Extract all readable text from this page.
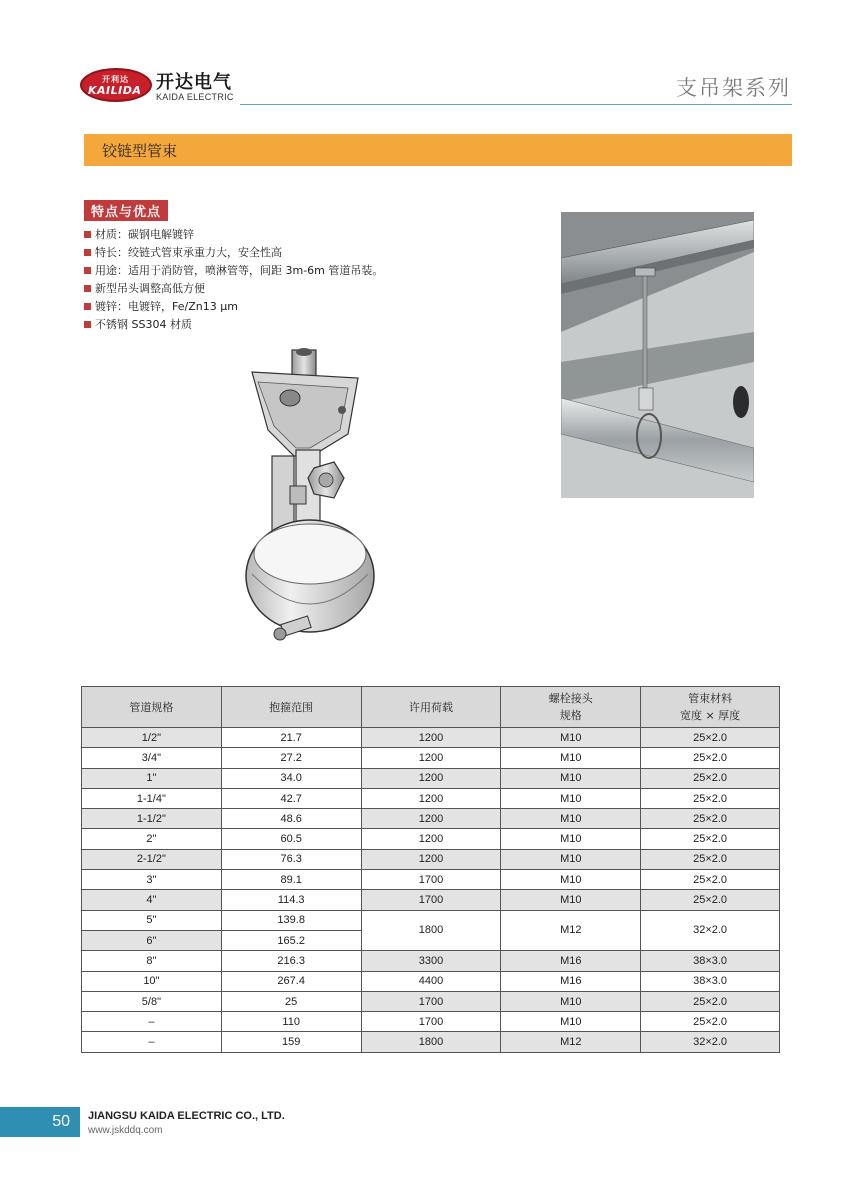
开利达
KAILIDA 开达电气
KAIDA ELECTRIC	支吊架系列
铰链型管束
特点与优点
材质：碳钢电解镀锌
特长：绞链式管束承重力大，安全性高
用途：适用于消防管，喷淋管等，间距 3m-6m 管道吊装。
新型吊头调整高低方便
镀锌：电镀锌，Fe/Zn13 μm
不锈钢 SS304 材质
管道规格	抱箍范围	许用荷载	螺栓接头
规格	管束材料
宽度 × 厚度
1/2"	21.7	1200	M10	25×2.0
3/4"	27.2	1200	M10	25×2.0
1"	34.0	1200	M10	25×2.0
1-1/4"	42.7	1200	M10	25×2.0
1-1/2"	48.6	1200	M10	25×2.0
2"	60.5	1200	M10	25×2.0
2-1/2"	76.3	1200	M10	25×2.0
3"	89.1	1700	M10	25×2.0
4"	114.3	1700	M10	25×2.0
5"	139.8	1800	M12	32×2.0
6"	165.2			
8"	216.3	3300	M16	38×3.0
10"	267.4	4400	M16	38×3.0
5/8"	25	1700	M10	25×2.0
–	110	1700	M10	25×2.0
–	159	1800	M12	32×2.0
50 JIANGSU KAIDA ELECTRIC CO., LTD.
www.jskddq.com
